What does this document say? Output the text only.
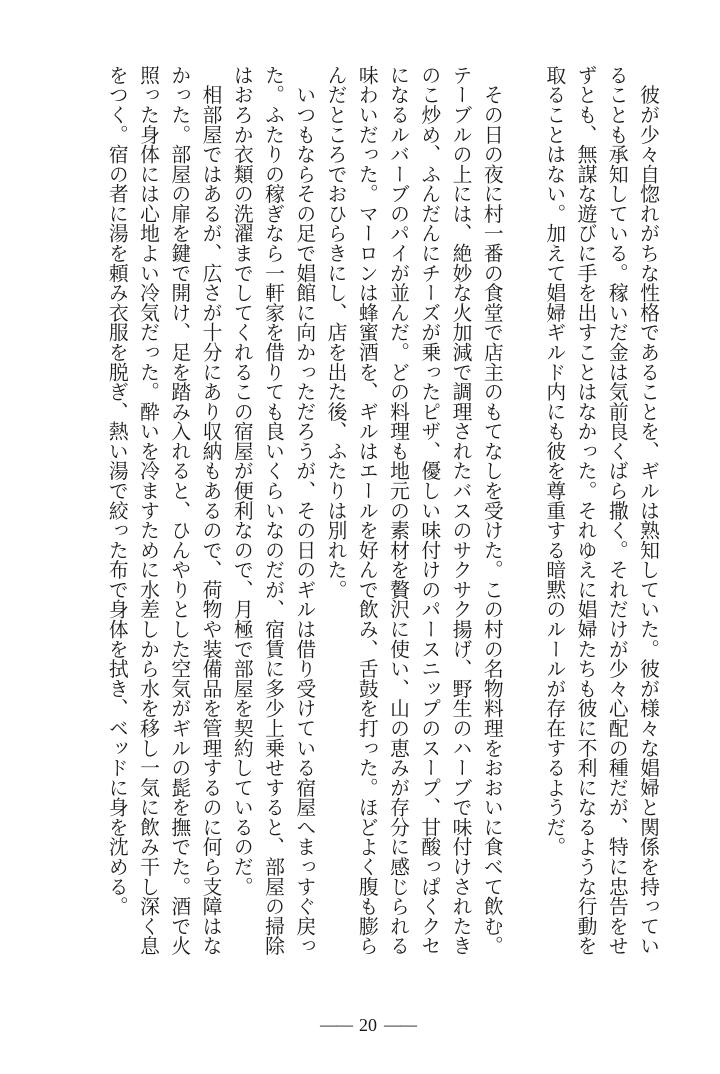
　彼が少々自惚れがちな性格であることを、ギルは熟知していた。彼が様々な娼婦と関係を持ってい
ることも承知している。稼いだ金は気前良くばら撒く。それだけが少々心配の種だが、特に忠告をせ
ずとも、無謀な遊びに手を出すことはなかった。それゆえに娼婦たちも彼に不利になるような行動を
取ることはない。加えて娼婦ギルド内にも彼を尊重する暗黙のルールが存在するようだ。
　その日の夜に村一番の食堂で店主のもてなしを受けた。この村の名物料理をおおいに食べて飲む。
テーブルの上には、絶妙な火加減で調理されたバスのサクサク揚げ、野生のハーブで味付けされたき
のこ炒め、ふんだんにチーズが乗ったピザ、優しい味付けのパースニップのスープ、甘酸っぱくクセ
になるルバーブのパイが並んだ。どの料理も地元の素材を贅沢に使い、山の恵みが存分に感じられる
味わいだった。マーロンは蜂蜜酒を、ギルはエールを好んで飲み、舌鼓を打った。ほどよく腹も膨ら
んだところでおひらきにし、店を出た後、ふたりは別れた。
　いつもならその足で娼館に向かっただろうが、その日のギルは借り受けている宿屋へまっすぐ戻っ
た。ふたりの稼ぎなら一軒家を借りても良いくらいなのだが、宿賃に多少上乗せすると、部屋の掃除
はおろか衣類の洗濯までしてくれるこの宿屋が便利なので、月極で部屋を契約しているのだ。
　相部屋ではあるが、広さが十分にあり収納もあるので、荷物や装備品を管理するのに何ら支障はな
かった。部屋の扉を鍵で開け、足を踏み入れると、ひんやりとした空気がギルの髭を撫でた。酒で火
照った身体には心地よい冷気だった。酔いを冷ますために水差しから水を移し一気に飲み干し深く息
をつく。宿の者に湯を頼み衣服を脱ぎ、熱い湯で絞った布で身体を拭き、ベッドに身を沈める。
—— 20 ——
